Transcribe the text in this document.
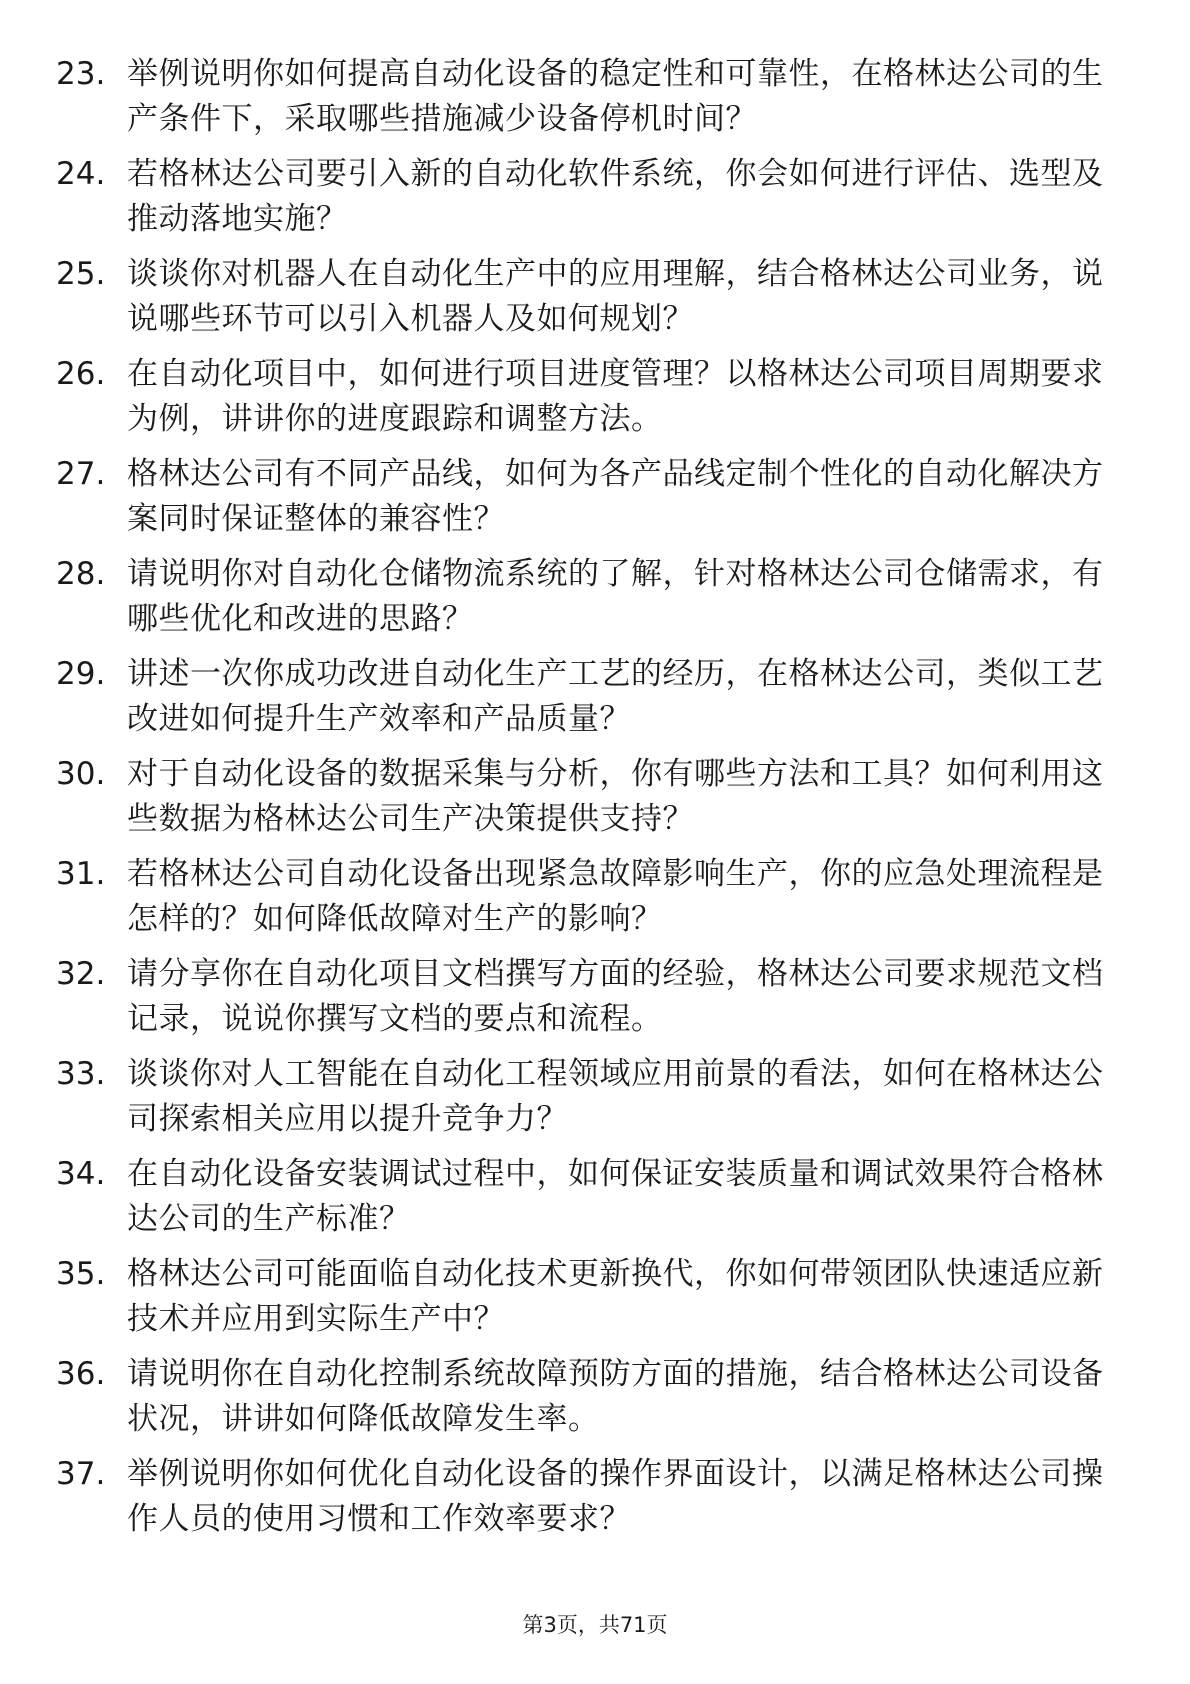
23. 举例说明你如何提高自动化设备的稳定性和可靠性，在格林达公司的生产条件下，采取哪些措施减少设备停机时间？
24. 若格林达公司要引入新的自动化软件系统，你会如何进行评估、选型及推动落地实施？
25. 谈谈你对机器人在自动化生产中的应用理解，结合格林达公司业务，说说哪些环节可以引入机器人及如何规划？
26. 在自动化项目中，如何进行项目进度管理？以格林达公司项目周期要求为例，讲讲你的进度跟踪和调整方法。
27. 格林达公司有不同产品线，如何为各产品线定制个性化的自动化解决方案同时保证整体的兼容性？
28. 请说明你对自动化仓储物流系统的了解，针对格林达公司仓储需求，有哪些优化和改进的思路？
29. 讲述一次你成功改进自动化生产工艺的经历，在格林达公司，类似工艺改进如何提升生产效率和产品质量？
30. 对于自动化设备的数据采集与分析，你有哪些方法和工具？如何利用这些数据为格林达公司生产决策提供支持？
31. 若格林达公司自动化设备出现紧急故障影响生产，你的应急处理流程是怎样的？如何降低故障对生产的影响？
32. 请分享你在自动化项目文档撰写方面的经验，格林达公司要求规范文档记录，说说你撰写文档的要点和流程。
33. 谈谈你对人工智能在自动化工程领域应用前景的看法，如何在格林达公司探索相关应用以提升竞争力？
34. 在自动化设备安装调试过程中，如何保证安装质量和调试效果符合格林达公司的生产标准？
35. 格林达公司可能面临自动化技术更新换代，你如何带领团队快速适应新技术并应用到实际生产中？
36. 请说明你在自动化控制系统故障预防方面的措施，结合格林达公司设备状况，讲讲如何降低故障发生率。
37. 举例说明你如何优化自动化设备的操作界面设计，以满足格林达公司操作人员的使用习惯和工作效率要求？
第3页，共71页
